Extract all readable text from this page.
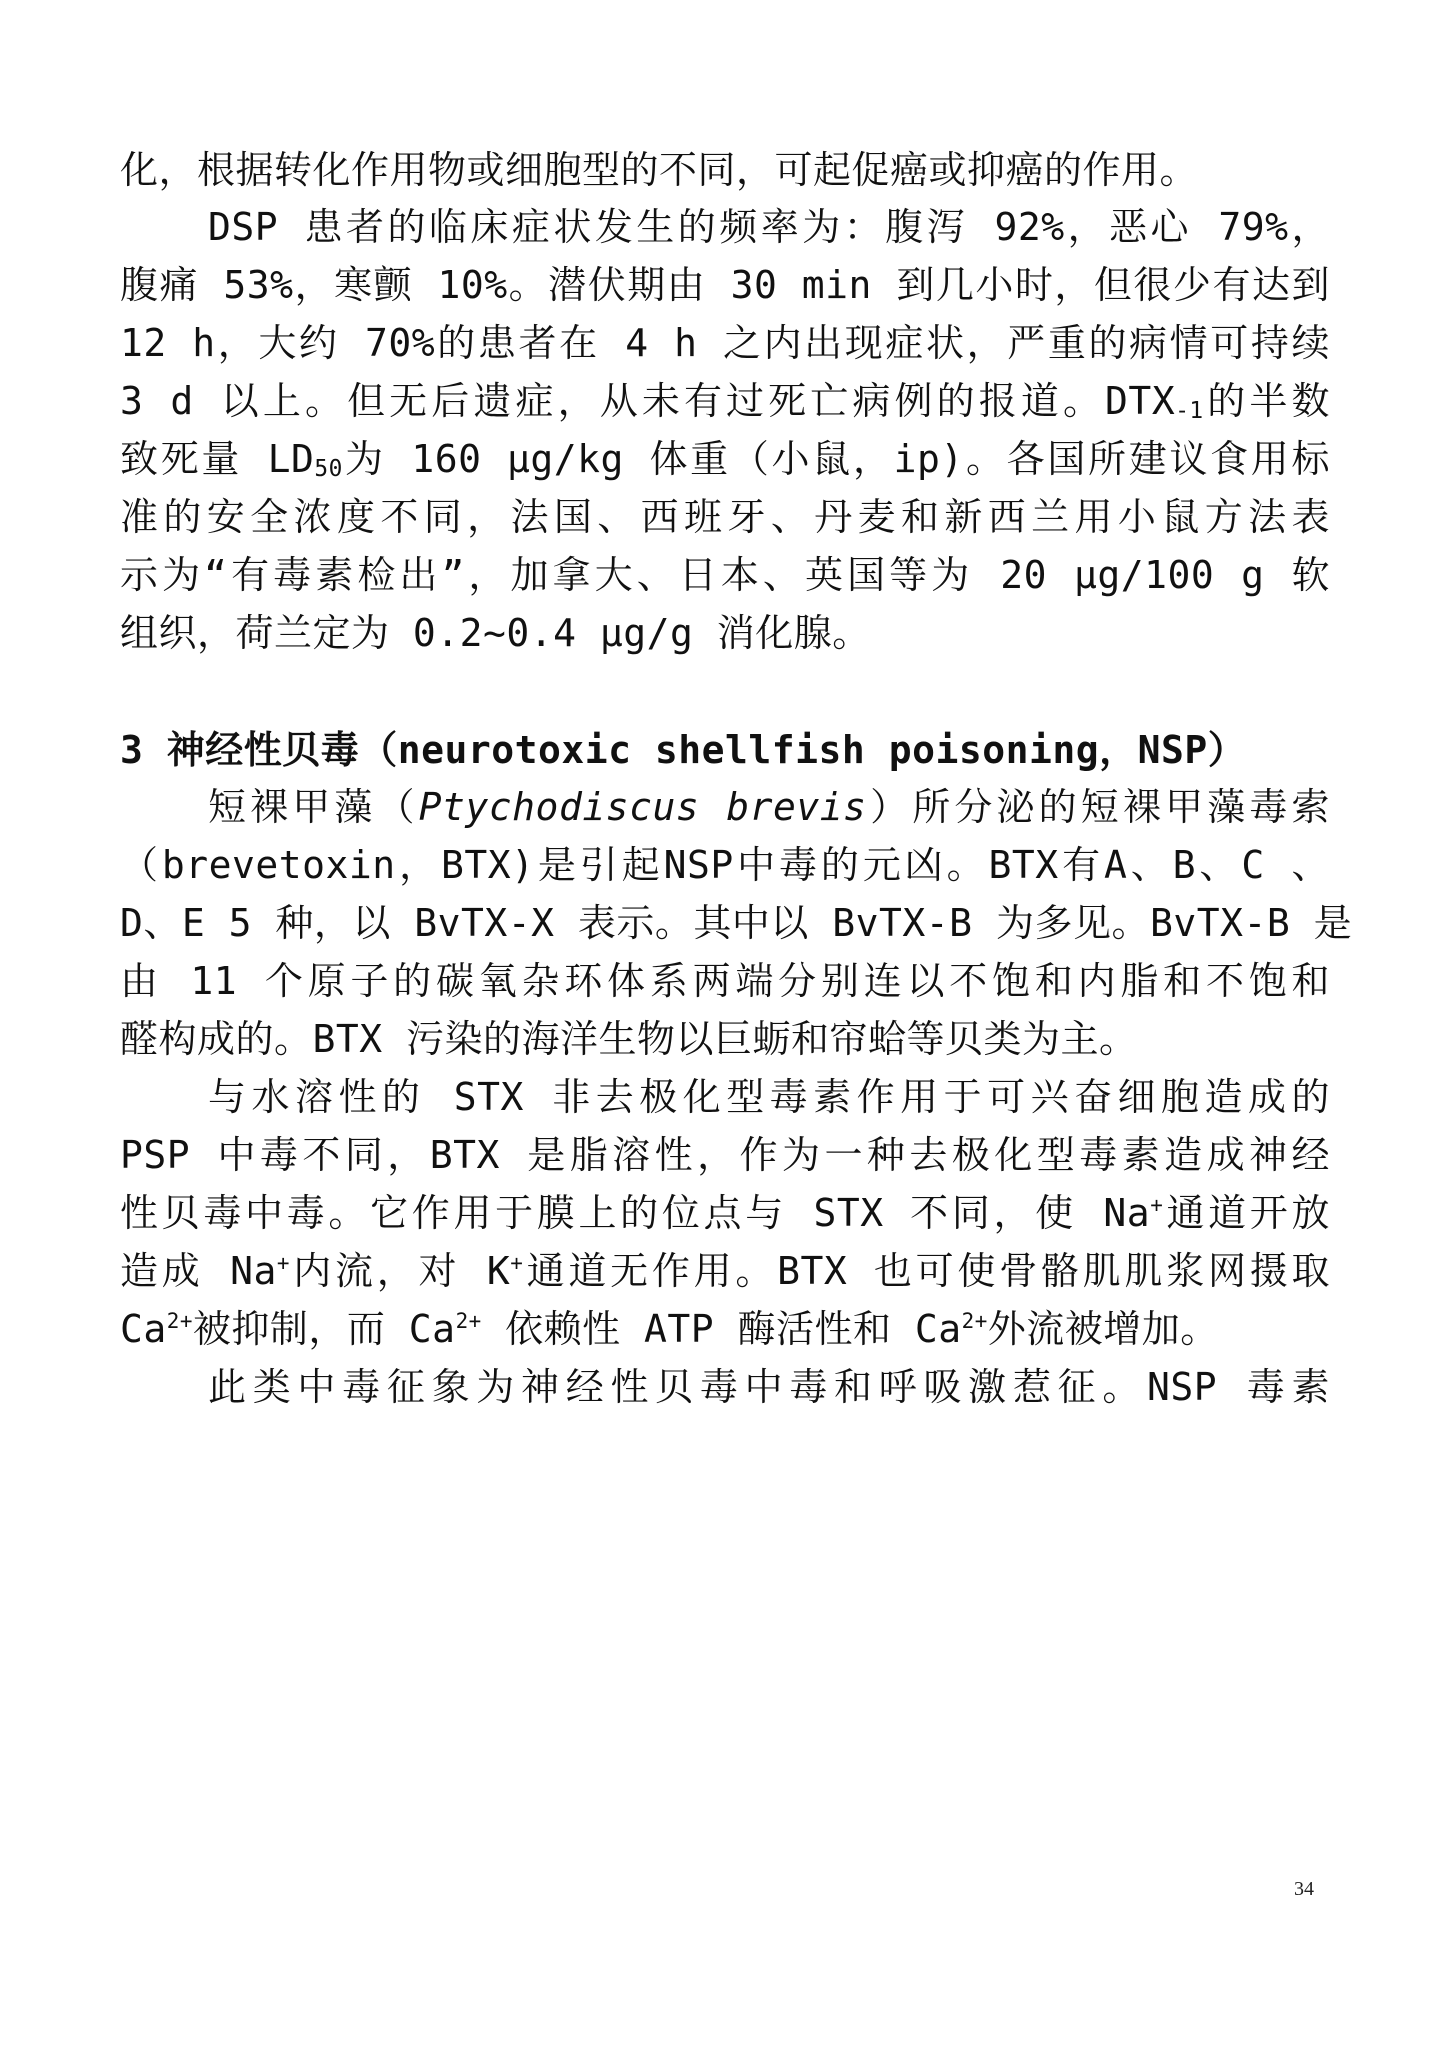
化，根据转化作用物或细胞型的不同，可起促癌或抑癌的作用。
DSP 患者的临床症状发生的频率为：腹泻 92%，恶心 79%，
腹痛 53%，寒颤 10%。潜伏期由 30 min 到几小时，但很少有达到
12 h，大约 70%的患者在 4 h 之内出现症状，严重的病情可持续
3 d 以上。但无后遗症，从未有过死亡病例的报道。$DTX_{-1}$的半数
致死量 $LD_{50}$为 160 μg/kg 体重（小鼠，ip)。各国所建议食用标
准的安全浓度不同，法国、西班牙、丹麦和新西兰用小鼠方法表
示为“有毒素检出”，加拿大、日本、英国等为 20 μg/100 g 软
组织，荷兰定为 0.2~0.4 μg/g 消化腺。
3 神经性贝毒（neurotoxic shellfish poisoning，NSP）
短裸甲藻（Ptychodiscus brevis）所分泌的短裸甲藻毒索
（brevetoxin，BTX)是引起NSP中毒的元凶。BTX有A、B、C 、
D、E 5 种，以 BvTX-X 表示。其中以 BvTX-B 为多见。BvTX-B 是
由 11 个原子的碳氧杂环体系两端分别连以不饱和内脂和不饱和
醛构成的。BTX 污染的海洋生物以巨蛎和帘蛤等贝类为主。
与水溶性的 STX 非去极化型毒素作用于可兴奋细胞造成的
PSP 中毒不同，BTX 是脂溶性，作为一种去极化型毒素造成神经
性贝毒中毒。它作用于膜上的位点与 STX 不同，使 Na+通道开放
造成 Na+内流，对 K+通道无作用。BTX 也可使骨骼肌肌浆网摄取
$Ca^{2+}$被抑制，而 $Ca^{2+}$ 依赖性 ATP 酶活性和 $Ca^{2+}$外流被增加。
此类中毒征象为神经性贝毒中毒和呼吸激惹征。NSP 毒素
34
